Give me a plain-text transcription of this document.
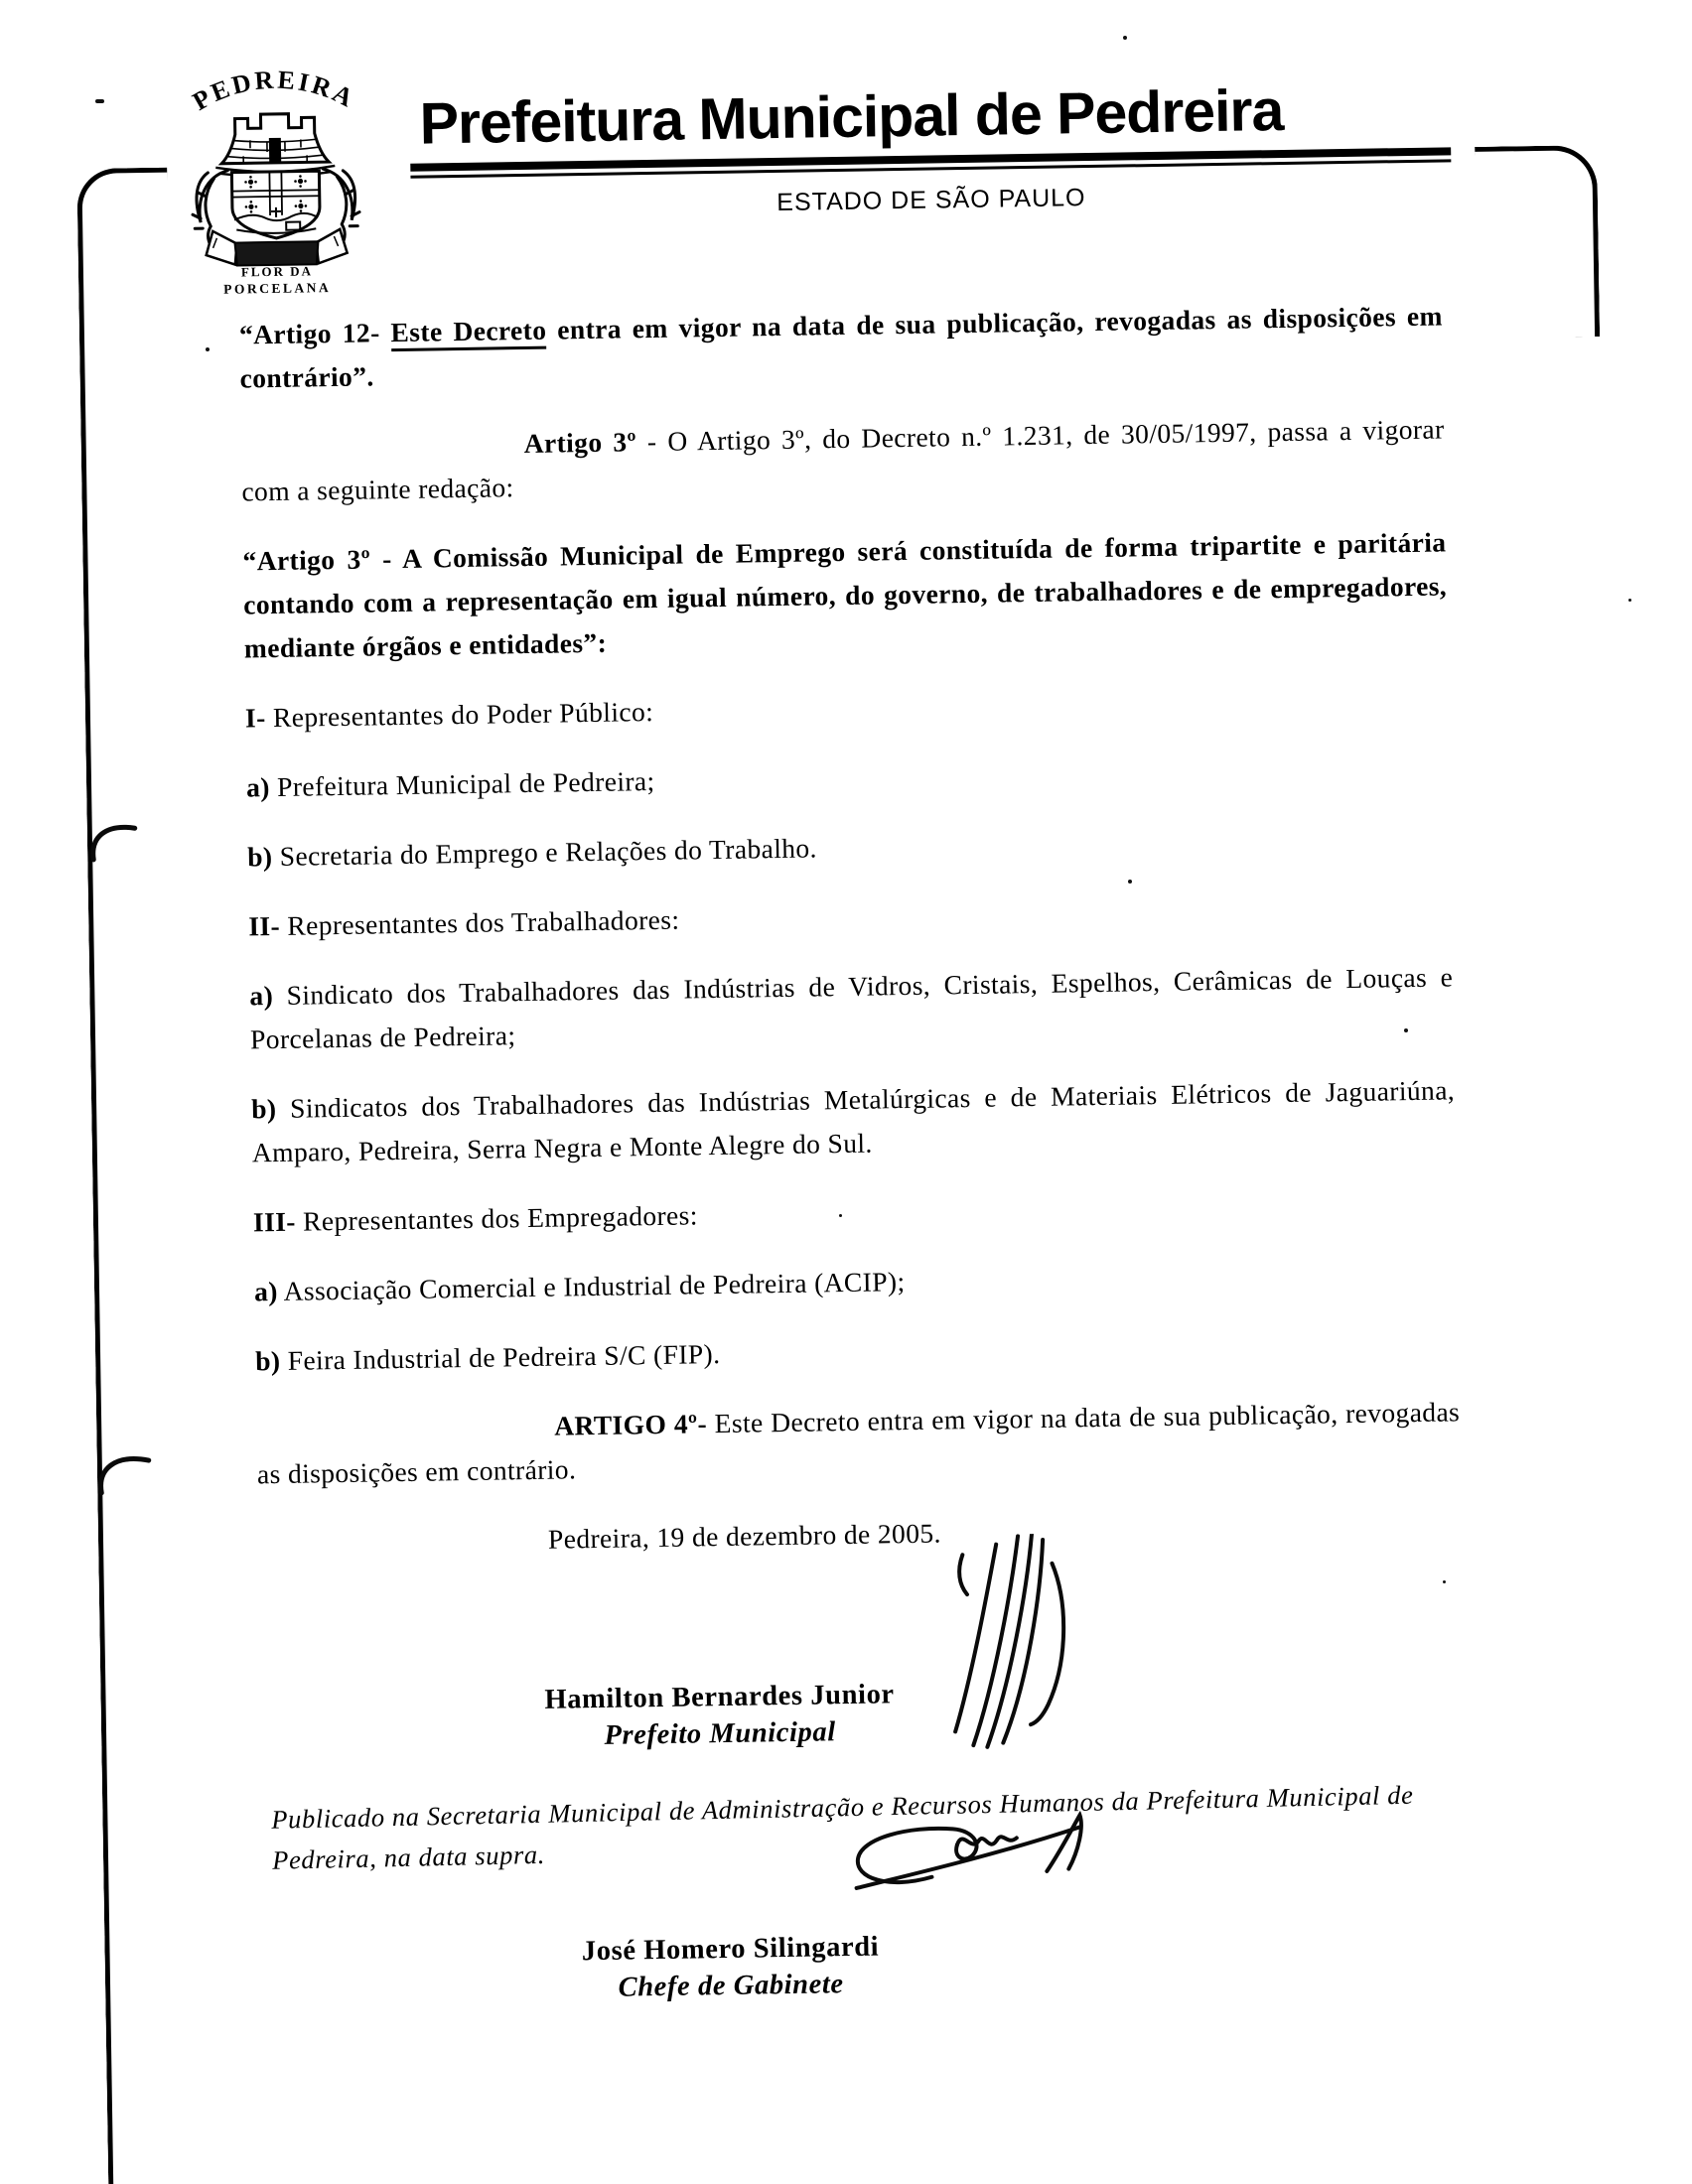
PEDREIRA
FLOR DA
PORCELANA
Prefeitura Municipal de Pedreira
ESTADO DE SÃO PAULO

“Artigo 12- Este Decreto entra em vigor na data de sua publicação, revogadas as disposições em contrário”.

Artigo 3º - O Artigo 3º, do Decreto n.º 1.231, de 30/05/1997, passa a vigorar com a seguinte redação:

“Artigo 3º - A Comissão Municipal de Emprego será constituída de forma tripartite e paritária contando com a representação em igual número, do governo, de trabalhadores e de empregadores, mediante órgãos e entidades”:

I- Representantes do Poder Público:

a) Prefeitura Municipal de Pedreira;

b) Secretaria do Emprego e Relações do Trabalho.

II- Representantes dos Trabalhadores:

a) Sindicato dos Trabalhadores das Indústrias de Vidros, Cristais, Espelhos, Cerâmicas de Louças e Porcelanas de Pedreira;

b) Sindicatos dos Trabalhadores das Indústrias Metalúrgicas e de Materiais Elétricos de Jaguariúna, Amparo, Pedreira, Serra Negra e Monte Alegre do Sul.

III- Representantes dos Empregadores:

a) Associação Comercial e Industrial de Pedreira (ACIP);

b) Feira Industrial de Pedreira S/C (FIP).

ARTIGO 4º- Este Decreto entra em vigor na data de sua publicação, revogadas as disposições em contrário.

Pedreira, 19 de dezembro de 2005.

Hamilton Bernardes Junior
Prefeito Municipal
Publicado na Secretaria Municipal de Administração e Recursos Humanos da Prefeitura Municipal de Pedreira, na data supra.
José Homero Silingardi
Chefe de Gabinete
